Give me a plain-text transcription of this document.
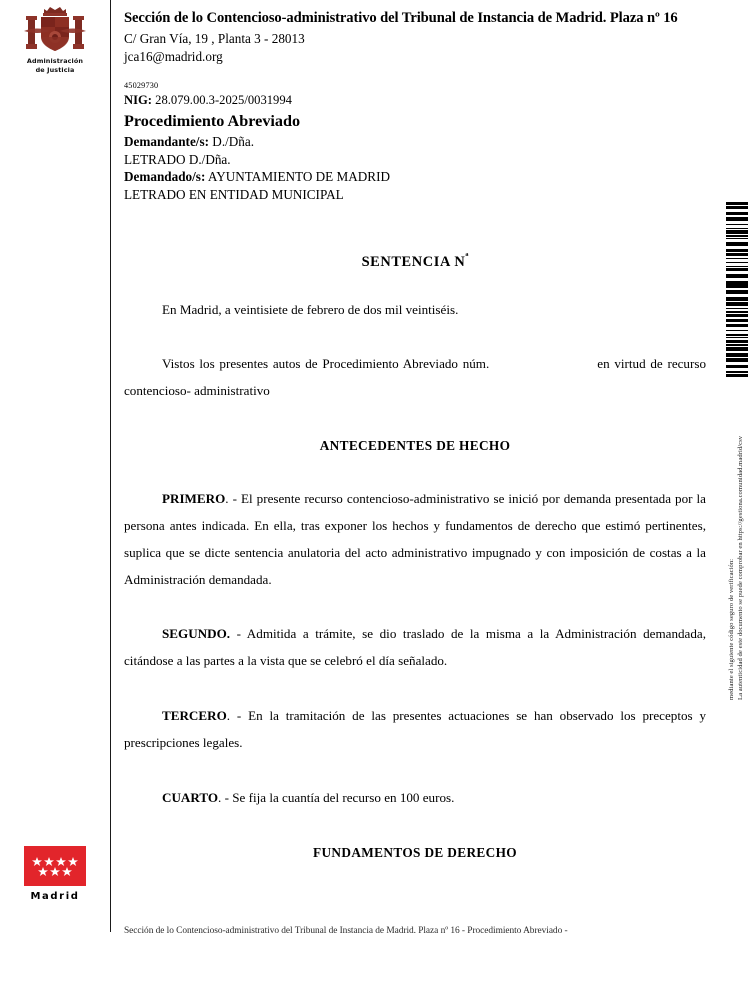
Administración
de Justicia
Madrid
Sección de lo Contencioso-administrativo del Tribunal de Instancia de Madrid. Plaza nº 16
C/ Gran Vía, 19 , Planta 3 - 28013
jca16@madrid.org
45029730
NIG: 28.079.00.3-2025/0031994
Procedimiento Abreviado
Demandante/s: D./Dña.
LETRADO D./Dña.
Demandado/s: AYUNTAMIENTO DE MADRID
LETRADO EN ENTIDAD MUNICIPAL
SENTENCIA $N^ª$
En Madrid, a veintisiete de febrero de dos mil veintiséis.
Vistos los presentes autos de Procedimiento Abreviado núm.	en virtud de recurso contencioso- administrativo
ANTECEDENTES DE HECHO
PRIMERO. - El presente recurso contencioso-administrativo se inició por demanda presentada por la persona antes indicada. En ella, tras exponer los hechos y fundamentos de derecho que estimó pertinentes, suplica que se dicte sentencia anulatoria del acto administrativo impugnado y con imposición de costas a la Administración demandada.
SEGUNDO. - Admitida a trámite, se dio traslado de la misma a la Administración demandada, citándose a las partes a la vista que se celebró el día señalado.
TERCERO. - En la tramitación de las presentes actuaciones se han observado los preceptos y prescripciones legales.
CUARTO. - Se fija la cuantía del recurso en 100 euros.
FUNDAMENTOS DE DERECHO
Sección de lo Contencioso-administrativo del Tribunal de Instancia de Madrid. Plaza nº 16 - Procedimiento Abreviado -
La autenticidad de este documento se puede comprobar en https://gestiona.comunidad.madrid/csv
mediante el siguiente código seguro de verificación:
